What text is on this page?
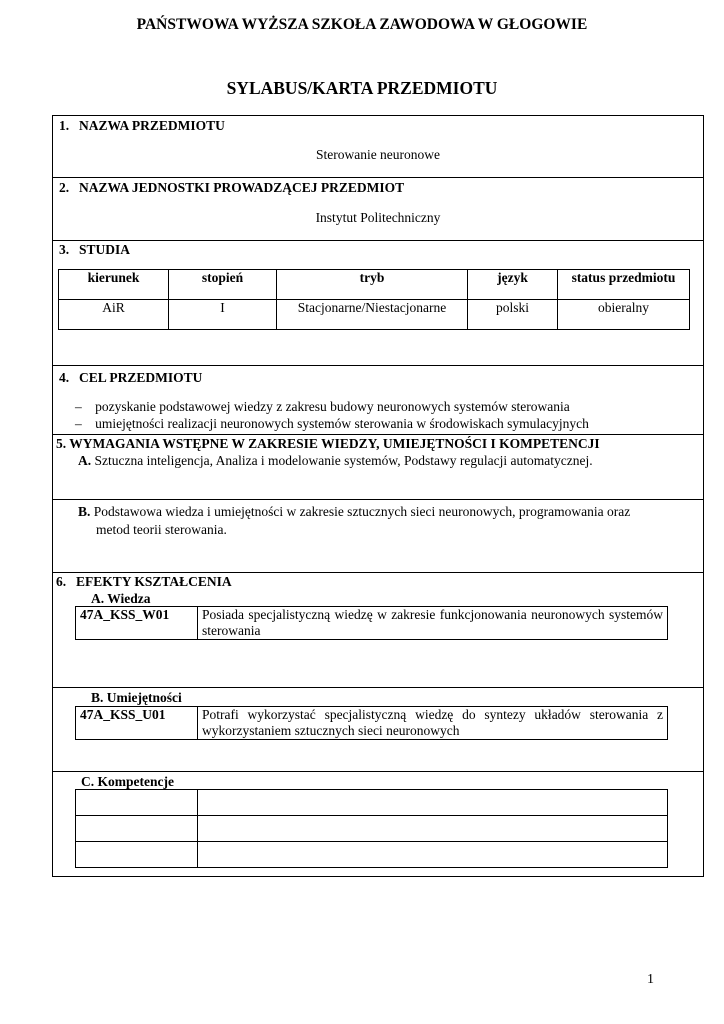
PAŃSTWOWA WYŻSZA SZKOŁA ZAWODOWA W GŁOGOWIE
SYLABUS/KARTA PRZEDMIOTU
1. NAZWA PRZEDMIOTU
Sterowanie neuronowe
2. NAZWA JEDNOSTKI PROWADZĄCEJ PRZEDMIOT
Instytut Politechniczny
3. STUDIA
kierunek	stopień	tryb	język	status przedmiotu
AiR	I	Stacjonarne/Niestacjonarne	polski	obieralny
4. CEL PRZEDMIOTU
– pozyskanie podstawowej wiedzy z zakresu budowy neuronowych systemów sterowania
– umiejętności realizacji neuronowych systemów sterowania w środowiskach symulacyjnych
5. WYMAGANIA WSTĘPNE W ZAKRESIE WIEDZY, UMIEJĘTNOŚCI I KOMPETENCJI
A. Sztuczna inteligencja, Analiza i modelowanie systemów, Podstawy regulacji automatycznej.
B. Podstawowa wiedza i umiejętności w zakresie sztucznych sieci neuronowych, programowania oraz
metod teorii sterowania.
6. EFEKTY KSZTAŁCENIA
A. Wiedza
47A_KSS_W01	Posiada specjalistyczną wiedzę w zakresie funkcjonowania neuronowych systemów sterowania
B. Umiejętności
47A_KSS_U01	Potrafi wykorzystać specjalistyczną wiedzę do syntezy układów sterowania z wykorzystaniem sztucznych sieci neuronowych
C. Kompetencje

1
